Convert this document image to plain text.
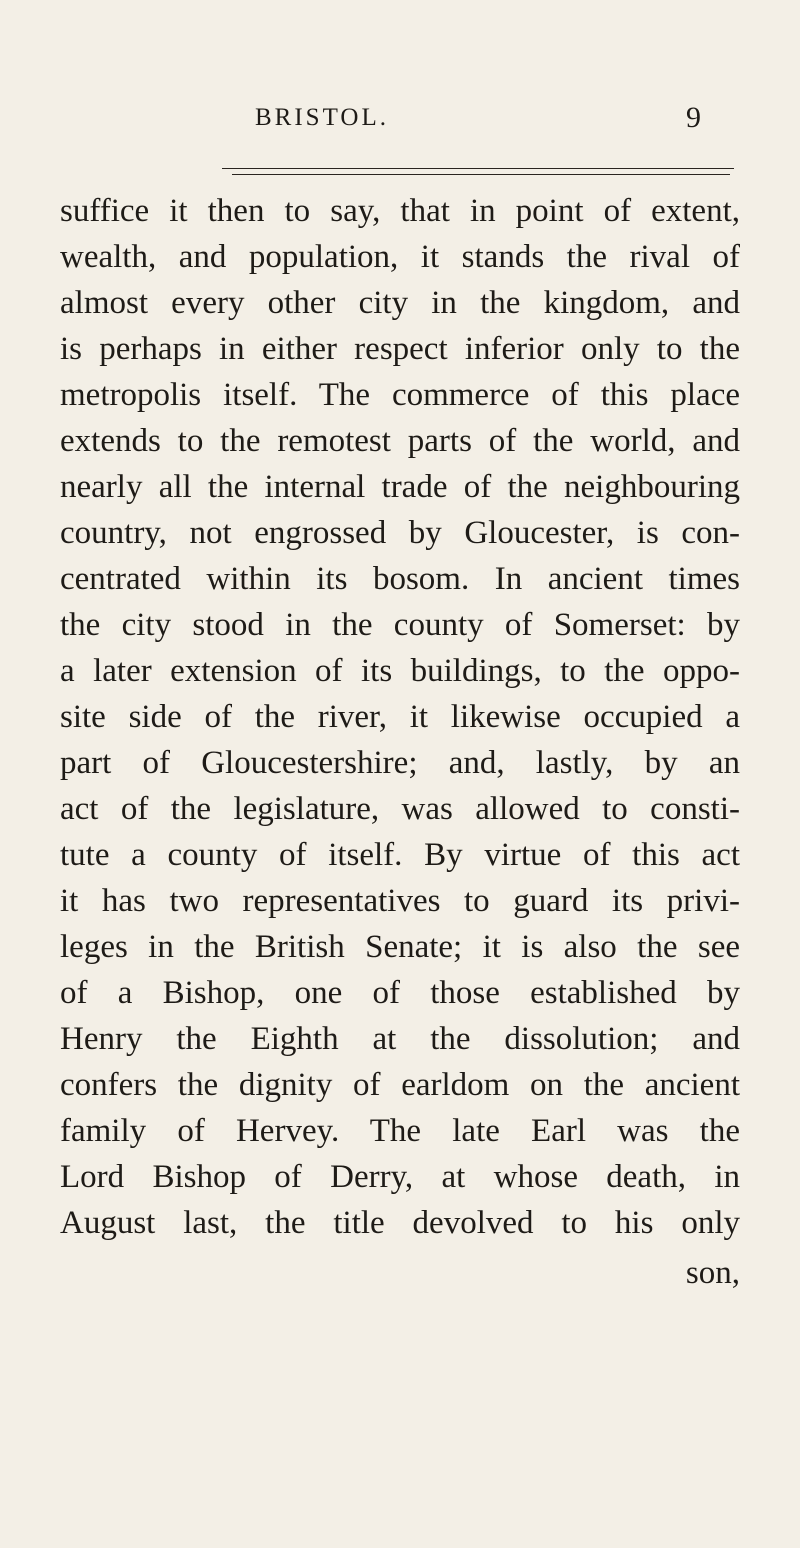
BRISTOL.	9
suffice it then to say, that in point of extent,
wealth, and population, it stands the rival of
almost every other city in the kingdom, and
is perhaps in either respect inferior only to the
metropolis itself. The commerce of this place
extends to the remotest parts of the world, and
nearly all the internal trade of the neighbouring
country, not engrossed by Gloucester, is con-
centrated within its bosom. In ancient times
the city stood in the county of Somerset: by
a later extension of its buildings, to the oppo-
site side of the river, it likewise occupied a
part of Gloucestershire; and, lastly, by an
act of the legislature, was allowed to consti-
tute a county of itself. By virtue of this act
it has two representatives to guard its privi-
leges in the British Senate; it is also the see
of a Bishop, one of those established by
Henry the Eighth at the dissolution; and
confers the dignity of earldom on the ancient
family of Hervey. The late Earl was the
Lord Bishop of Derry, at whose death, in
August last, the title devolved to his only
son,
